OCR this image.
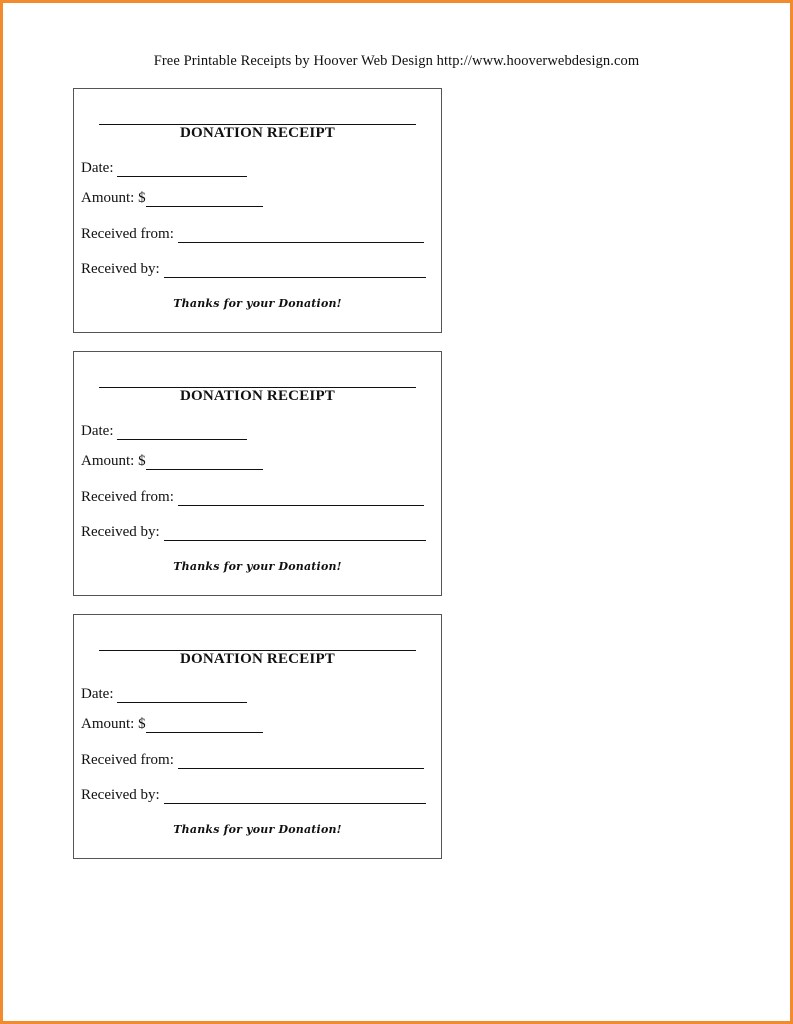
Free Printable Receipts by Hoover Web Design http://www.hooverwebdesign.com
DONATION RECEIPT
Date:
Amount: $
Received from:
Received by:
Thanks for your Donation!
DONATION RECEIPT
Date:
Amount: $
Received from:
Received by:
Thanks for your Donation!
DONATION RECEIPT
Date:
Amount: $
Received from:
Received by:
Thanks for your Donation!
